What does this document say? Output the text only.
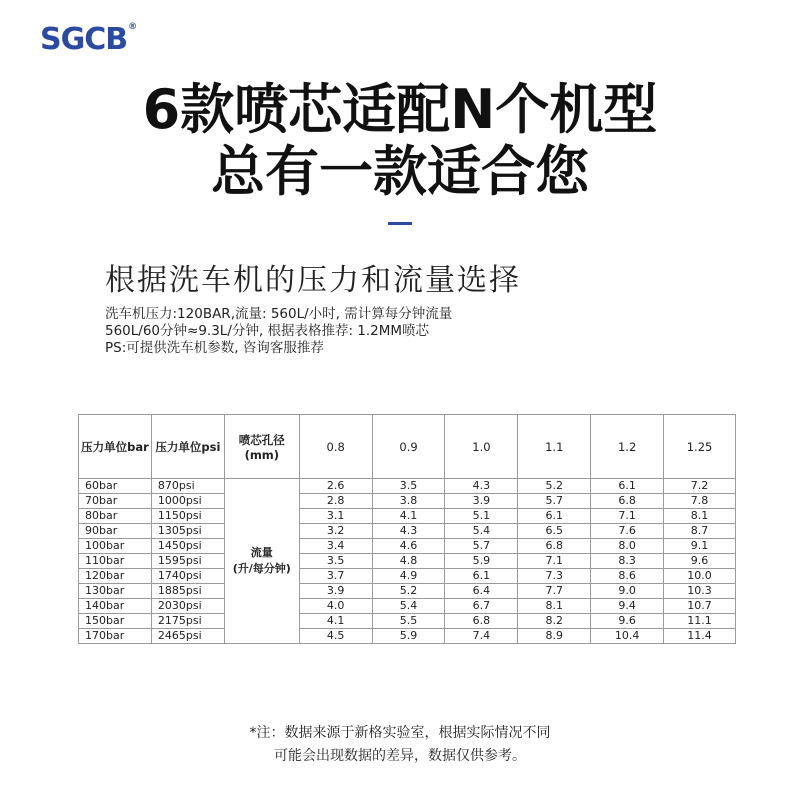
SGCB®
6款喷芯适配N个机型
总有一款适合您
根据洗车机的压力和流量选择
洗车机压力:120BAR,流量: 560L/小时, 需计算每分钟流量
560L/60分钟≈9.3L/分钟, 根据表格推荐: 1.2MM喷芯
PS:可提供洗车机参数, 咨询客服推荐
压力单位bar	压力单位psi	喷芯孔径
(mm)	0.8	0.9	1.0	1.1	1.2	1.25
60bar	870psi	流量
(升/每分钟)	2.6	3.5	4.3	5.2	6.1	7.2
70bar	1000psi		2.8	3.8	3.9	5.7	6.8	7.8
80bar	1150psi		3.1	4.1	5.1	6.1	7.1	8.1
90bar	1305psi		3.2	4.3	5.4	6.5	7.6	8.7
100bar	1450psi		3.4	4.6	5.7	6.8	8.0	9.1
110bar	1595psi		3.5	4.8	5.9	7.1	8.3	9.6
120bar	1740psi		3.7	4.9	6.1	7.3	8.6	10.0
130bar	1885psi		3.9	5.2	6.4	7.7	9.0	10.3
140bar	2030psi		4.0	5.4	6.7	8.1	9.4	10.7
150bar	2175psi		4.1	5.5	6.8	8.2	9.6	11.1
170bar	2465psi		4.5	5.9	7.4	8.9	10.4	11.4
*注：数据来源于新格实验室，根据实际情况不同
可能会出现数据的差异，数据仅供参考。
